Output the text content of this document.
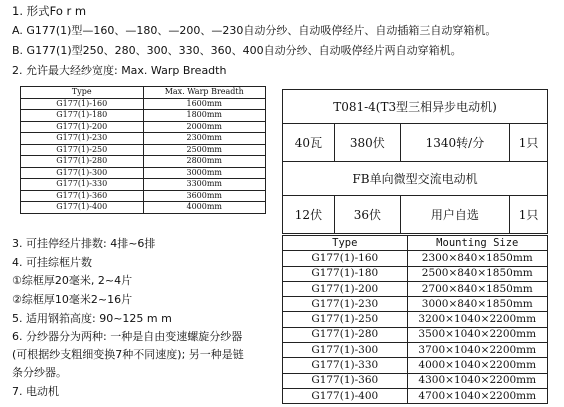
1. 形式Fo r m
A. G177(1)型—160、—180、—200、—230自动分纱、自动吸停经片、自动插箱三自动穿箱机。
B. G177(1)型250、280、300、330、360、400自动分纱、自动吸停经片两自动穿箱机。
2. 允许最大经纱宽度: Max. Warp Breadth
Type	Max. Warp Breadth
G177(1)-160	1600mm
G177(1)-180	1800mm
G177(1)-200	2000mm
G177(1)-230	2300mm
G177(1)-250	2500mm
G177(1)-280	2800mm
G177(1)-300	3000mm
G177(1)-330	3300mm
G177(1)-360	3600mm
G177(1)-400	4000mm
T081-4(T3型三相异步电动机)			
40瓦	380伏	1340转/分	1只
FB单向微型交流电动机			
12伏	36伏	用户自选	1只
3. 可挂停经片排数: 4排~6排
4. 可挂综框片数
①综框厚20毫米, 2~4片
②综框厚10毫米2~16片
5. 适用钢筘高度: 90~125 m m
6. 分纱器分为两种: 一种是自由变速螺旋分纱器
(可根据纱支粗细变换7种不同速度); 另一种是链
条分纱器。
7. 电动机
Type	Mounting Size
G177(1)-160	2300×840×1850mm
G177(1)-180	2500×840×1850mm
G177(1)-200	2700×840×1850mm
G177(1)-230	3000×840×1850mm
G177(1)-250	3200×1040×2200mm
G177(1)-280	3500×1040×2200mm
G177(1)-300	3700×1040×2200mm
G177(1)-330	4000×1040×2200mm
G177(1)-360	4300×1040×2200mm
G177(1)-400	4700×1040×2200mm
